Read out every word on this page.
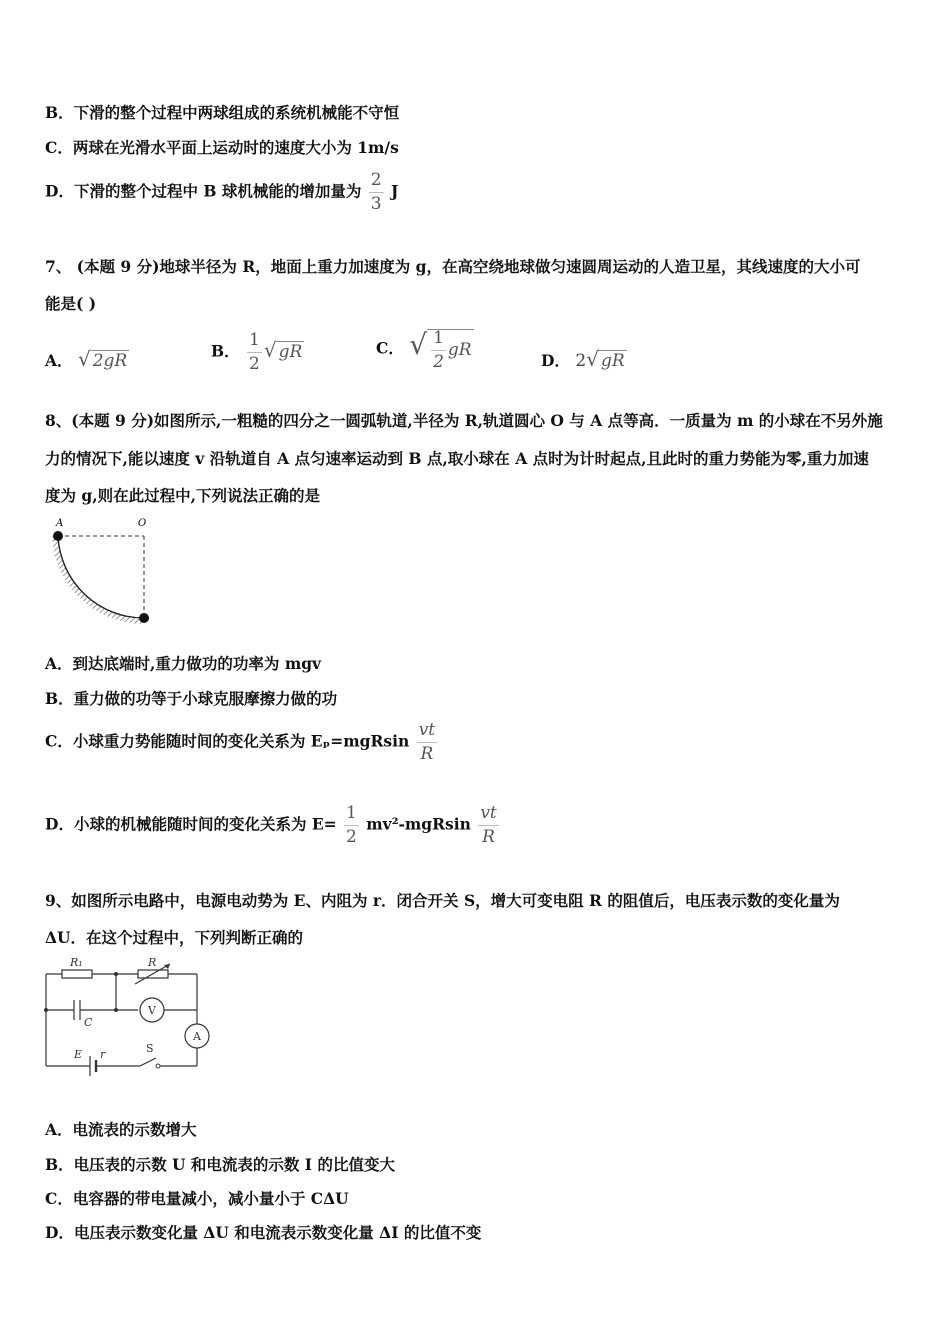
B．下滑的整个过程中两球组成的系统机械能不守恒
C．两球在光滑水平面上运动时的速度大小为 1m/s
D．下滑的整个过程中 B 球机械能的增加量为 $\frac{2}{3}$ J
7、 (本题 9 分)地球半径为 R，地面上重力加速度为 g，在高空绕地球做匀速圆周运动的人造卫星，其线速度的大小可
能是( )
A． √ 2gR	B． $\frac{1}{2}$ √ gR	C． √ $\frac{1}{2}$ gR
D． 2√ gR
8、(本题 9 分)如图所示,一粗糙的四分之一圆弧轨道,半径为 R,轨道圆心 O 与 A 点等高．一质量为 m 的小球在不另外施
力的情况下,能以速度 v 沿轨道自 A 点匀速率运动到 B 点,取小球在 A 点时为计时起点,且此时的重力势能为零,重力加速
度为 g,则在此过程中,下列说法正确的是
A	O
A．到达底端时,重力做功的功率为 mgv
B．重力做的功等于小球克服摩擦力做的功
C．小球重力势能随时间的变化关系为 $E_p=mgRsin \frac{vt}{R}$
D．小球的机械能随时间的变化关系为 $E= \frac{1}{2} mv^2-mgRsin \frac{vt}{R}$
9、如图所示电路中，电源电动势为 E、内阻为 r．闭合开关 S，增大可变电阻 R 的阻值后，电压表示数的变化量为
ΔU．在这个过程中，下列判断正确的
R₁	R
C
V
A
E r	S
A．电流表的示数增大
B．电压表的示数 U 和电流表的示数 I 的比值变大
C．电容器的带电量减小，减小量小于 CΔU
D．电压表示数变化量 ΔU 和电流表示数变化量 ΔI 的比值不变
